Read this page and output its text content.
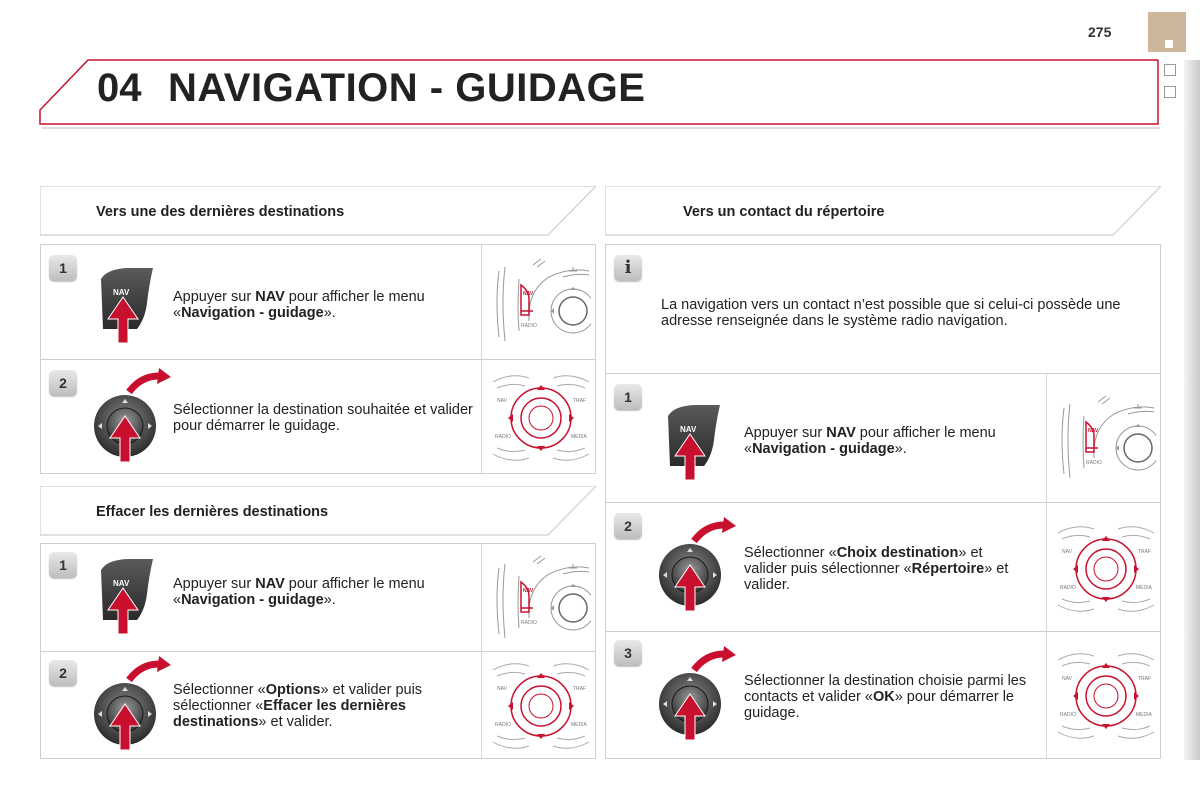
04 NAVIGATION - GUIDAGE
275
Vers une des dernières destinations
1
NAV	Appuyer sur NAV pour afficher le menu «Navigation - guidage».
NAV
RADIO
2
Sélectionner la destination souhaitée et valider pour démarrer le guidage.
NAV	TRAF
RADIO	MEDIA
Effacer les dernières destinations
1
NAV	Appuyer sur NAV pour afficher le menu «Navigation - guidage».
NAV
RADIO
2
Sélectionner «Options» et valider puis sélectionner «Effacer les dernières destinations» et valider.
NAV	TRAF
RADIO	MEDIA
Vers un contact du répertoire
i
La navigation vers un contact n’est possible que si celui-ci possède une adresse renseignée dans le système radio navigation.
1
NAV	Appuyer sur NAV pour afficher le menu «Navigation - guidage».
NAV
RADIO
2
Sélectionner «Choix destination» et valider puis sélectionner «Répertoire» et valider.
NAV	TRAF
RADIO	MEDIA
3
Sélectionner la destination choisie parmi les contacts et valider «OK» pour démarrer le guidage.
NAV	TRAF
RADIO	MEDIA
